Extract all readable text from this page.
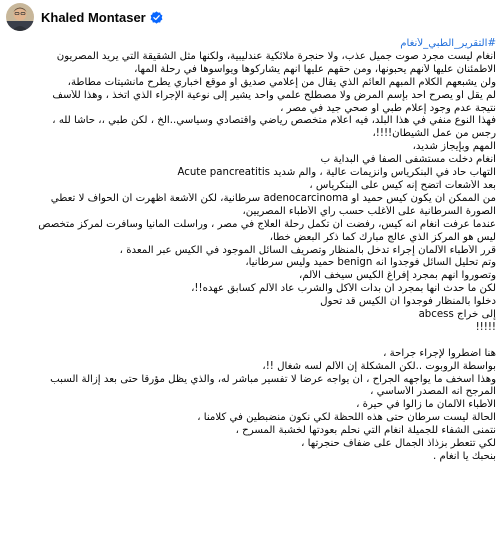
Khaled Montaser

#التقرير_الطبي_لأنغام

أنغام ليست مجرد صوت جميل عذب، ولا حنجرة ملائكية عندليبية، ولكنها مثل الشقيقة التي يريد المصريون

الاطمئنان عليها لأنهم يحبونها، ومن حقهم عليها انهم يشاركوها ويواسوها في رحلة ألمها،

ولن يشبعهم الكلام المبهم العائم الذي يقال من إعلامي صديق أو موقع اخباري يطرح مانشيتات مطاطة،

لم يقل أو يصرح أحد بإسم المرض ولا مصطلح علمي واحد يشير إلى نوعية الإجراء الذي اتخذ ، وهذا للأسف

نتيجة عدم وجود إعلام طبي أو صحي جيد في مصر ،

فهذا النوع منفي في هذا البلد، فيه اعلام متخصص رياضي واقتصادي وسياسي..الخ ، لكن طبي ،، حاشا لله ،

رجس من عمل الشيطان!!!!،

المهم وبإيجاز شديد،

أنغام دخلت مستشفى الصفا في البداية ب

التهاب حاد في البنكرياس وانزيمات عالية ، وألم شديد Acute pancreatitis

بعد الأشعات اتضح إنه كيس على البنكرياس ،

من الممكن أن يكون كيس حميد أو adenocarcinoma سرطانية، لكن الأشعة أظهرت أن الحواف لا تعطي

الصورة السرطانية على الأغلب حسب رأي الأطباء المصريين،

عندما عرفت أنغام أنه كيس، رفضت أن تكمل رحلة العلاج في مصر ، وراسلت المانيا وسافرت لمركز متخصص

ليس هو المركز الذي عالج مبارك كما ذكر البعض خطأ،

قرر الأطباء الألمان إجراء تدخل بالمنظار وتصريف السائل الموجود في الكيس عبر المعدة ،

وتم تحليل السائل فوجدوا أنه benign حميد وليس سرطانياً،

وتصوروا أنهم بمجرد إفراغ الكيس سيخف الألم،

لكن ما حدث أنها بمجرد أن بدأت الأكل والشرب عاد الألم كسابق عهده!!،

دخلوا بالمنظار فوجدوا أن الكيس قد تحول

إلى خراج abcess

!!!!!

هنا اضطروا لإجراء جراحة ،

بواسطة الروبوت ..لكن المشكلة إن الألم لسه شغال !!،

وهذا أسخف ما يواجهه الجراح ، أن يواجه عرضاً لا تفسير مباشر له، والذي يظل مؤرقاً حتى بعد إزالة السبب

المرجح أنه المصدر الأساسي ،

الأطباء الألمان ما زالوا في حيرة ،

الحالة ليست سرطان حتى هذه اللحظة لكي نكون منضبطين في كلامنا ،

نتمنى الشفاء للجميلة أنغام التي نحلم بعودتها لخشبة المسرح ،

لكي تتعطر بزذاذ الجمال على ضفاف حنجرتها ،

بنحبك يا أنغام .
